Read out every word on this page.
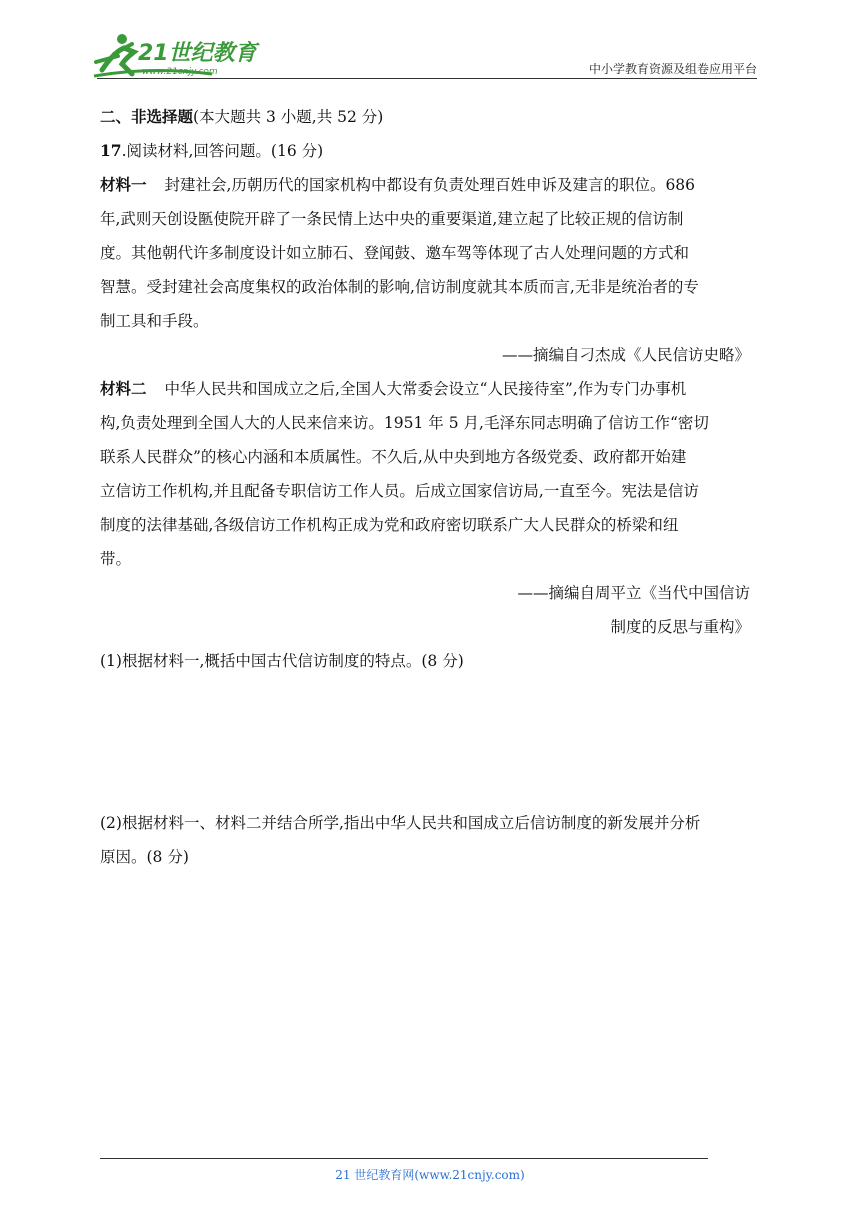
21世纪教育
www.21cnjy.com	中小学教育资源及组卷应用平台
二、非选择题(本大题共 3 小题,共 52 分)
17.阅读材料,回答问题。(16 分)
材料一 封建社会,历朝历代的国家机构中都设有负责处理百姓申诉及建言的职位。686
年,武则天创设匦使院开辟了一条民情上达中央的重要渠道,建立起了比较正规的信访制
度。其他朝代许多制度设计如立肺石、登闻鼓、邀车驾等体现了古人处理问题的方式和
智慧。受封建社会高度集权的政治体制的影响,信访制度就其本质而言,无非是统治者的专
制工具和手段。
——摘编自刁杰成《人民信访史略》
材料二 中华人民共和国成立之后,全国人大常委会设立“人民接待室”,作为专门办事机
构,负责处理到全国人大的人民来信来访。1951 年 5 月,毛泽东同志明确了信访工作“密切
联系人民群众”的核心内涵和本质属性。不久后,从中央到地方各级党委、政府都开始建
立信访工作机构,并且配备专职信访工作人员。后成立国家信访局,一直至今。宪法是信访
制度的法律基础,各级信访工作机构正成为党和政府密切联系广大人民群众的桥梁和纽
带。
——摘编自周平立《当代中国信访
制度的反思与重构》
(1)根据材料一,概括中国古代信访制度的特点。(8 分)
(2)根据材料一、材料二并结合所学,指出中华人民共和国成立后信访制度的新发展并分析
原因。(8 分)
21 世纪教育网(www.21cnjy.com)
